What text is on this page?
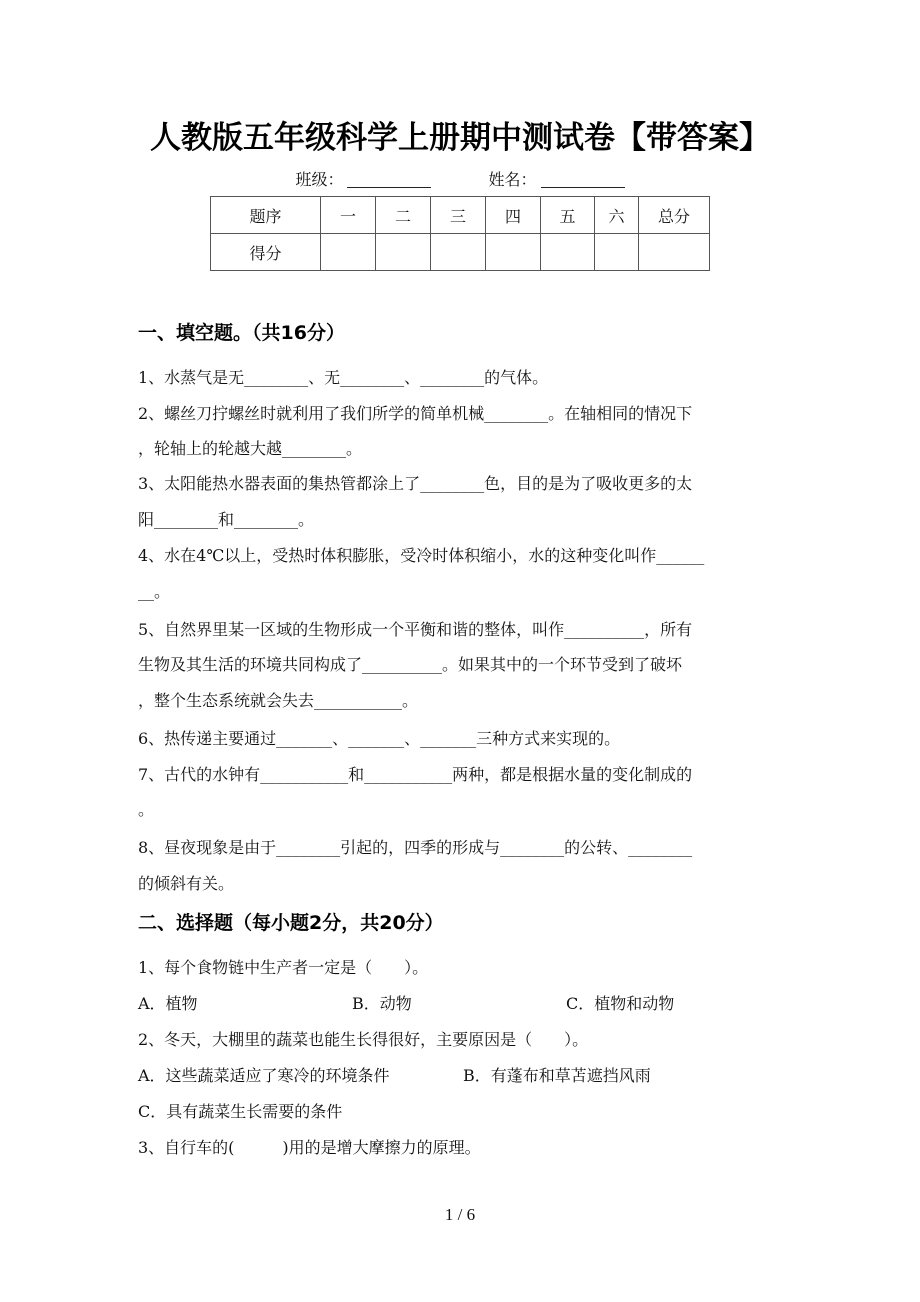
人教版五年级科学上册期中测试卷【带答案】
班级：	姓名：
题序	一	二	三	四	五	六	总分
得分							
一、填空题。（共16分）
1、水蒸气是无________、无________、________的气体。
2、螺丝刀拧螺丝时就利用了我们所学的简单机械________。在轴相同的情况下
，轮轴上的轮越大越________。
3、太阳能热水器表面的集热管都涂上了________色，目的是为了吸收更多的太
阳________和________。
4、水在4℃以上，受热时体积膨胀，受冷时体积缩小，水的这种变化叫作______
__。
5、自然界里某一区域的生物形成一个平衡和谐的整体，叫作__________，所有
生物及其生活的环境共同构成了__________。如果其中的一个环节受到了破坏
，整个生态系统就会失去___________。
6、热传递主要通过_______、_______、_______三种方式来实现的。
7、古代的水钟有___________和___________两种，都是根据水量的变化制成的
。
8、昼夜现象是由于________引起的，四季的形成与________的公转、________
的倾斜有关。
二、选择题（每小题2分，共20分）
1、每个食物链中生产者一定是（　　）。
A．植物	B．动物	C．植物和动物
2、冬天，大棚里的蔬菜也能生长得很好，主要原因是（　　）。
A．这些蔬菜适应了寒冷的环境条件	B．有蓬布和草苫遮挡风雨
C．具有蔬菜生长需要的条件
3、自行车的(　　　)用的是增大摩擦力的原理。
1 / 6
